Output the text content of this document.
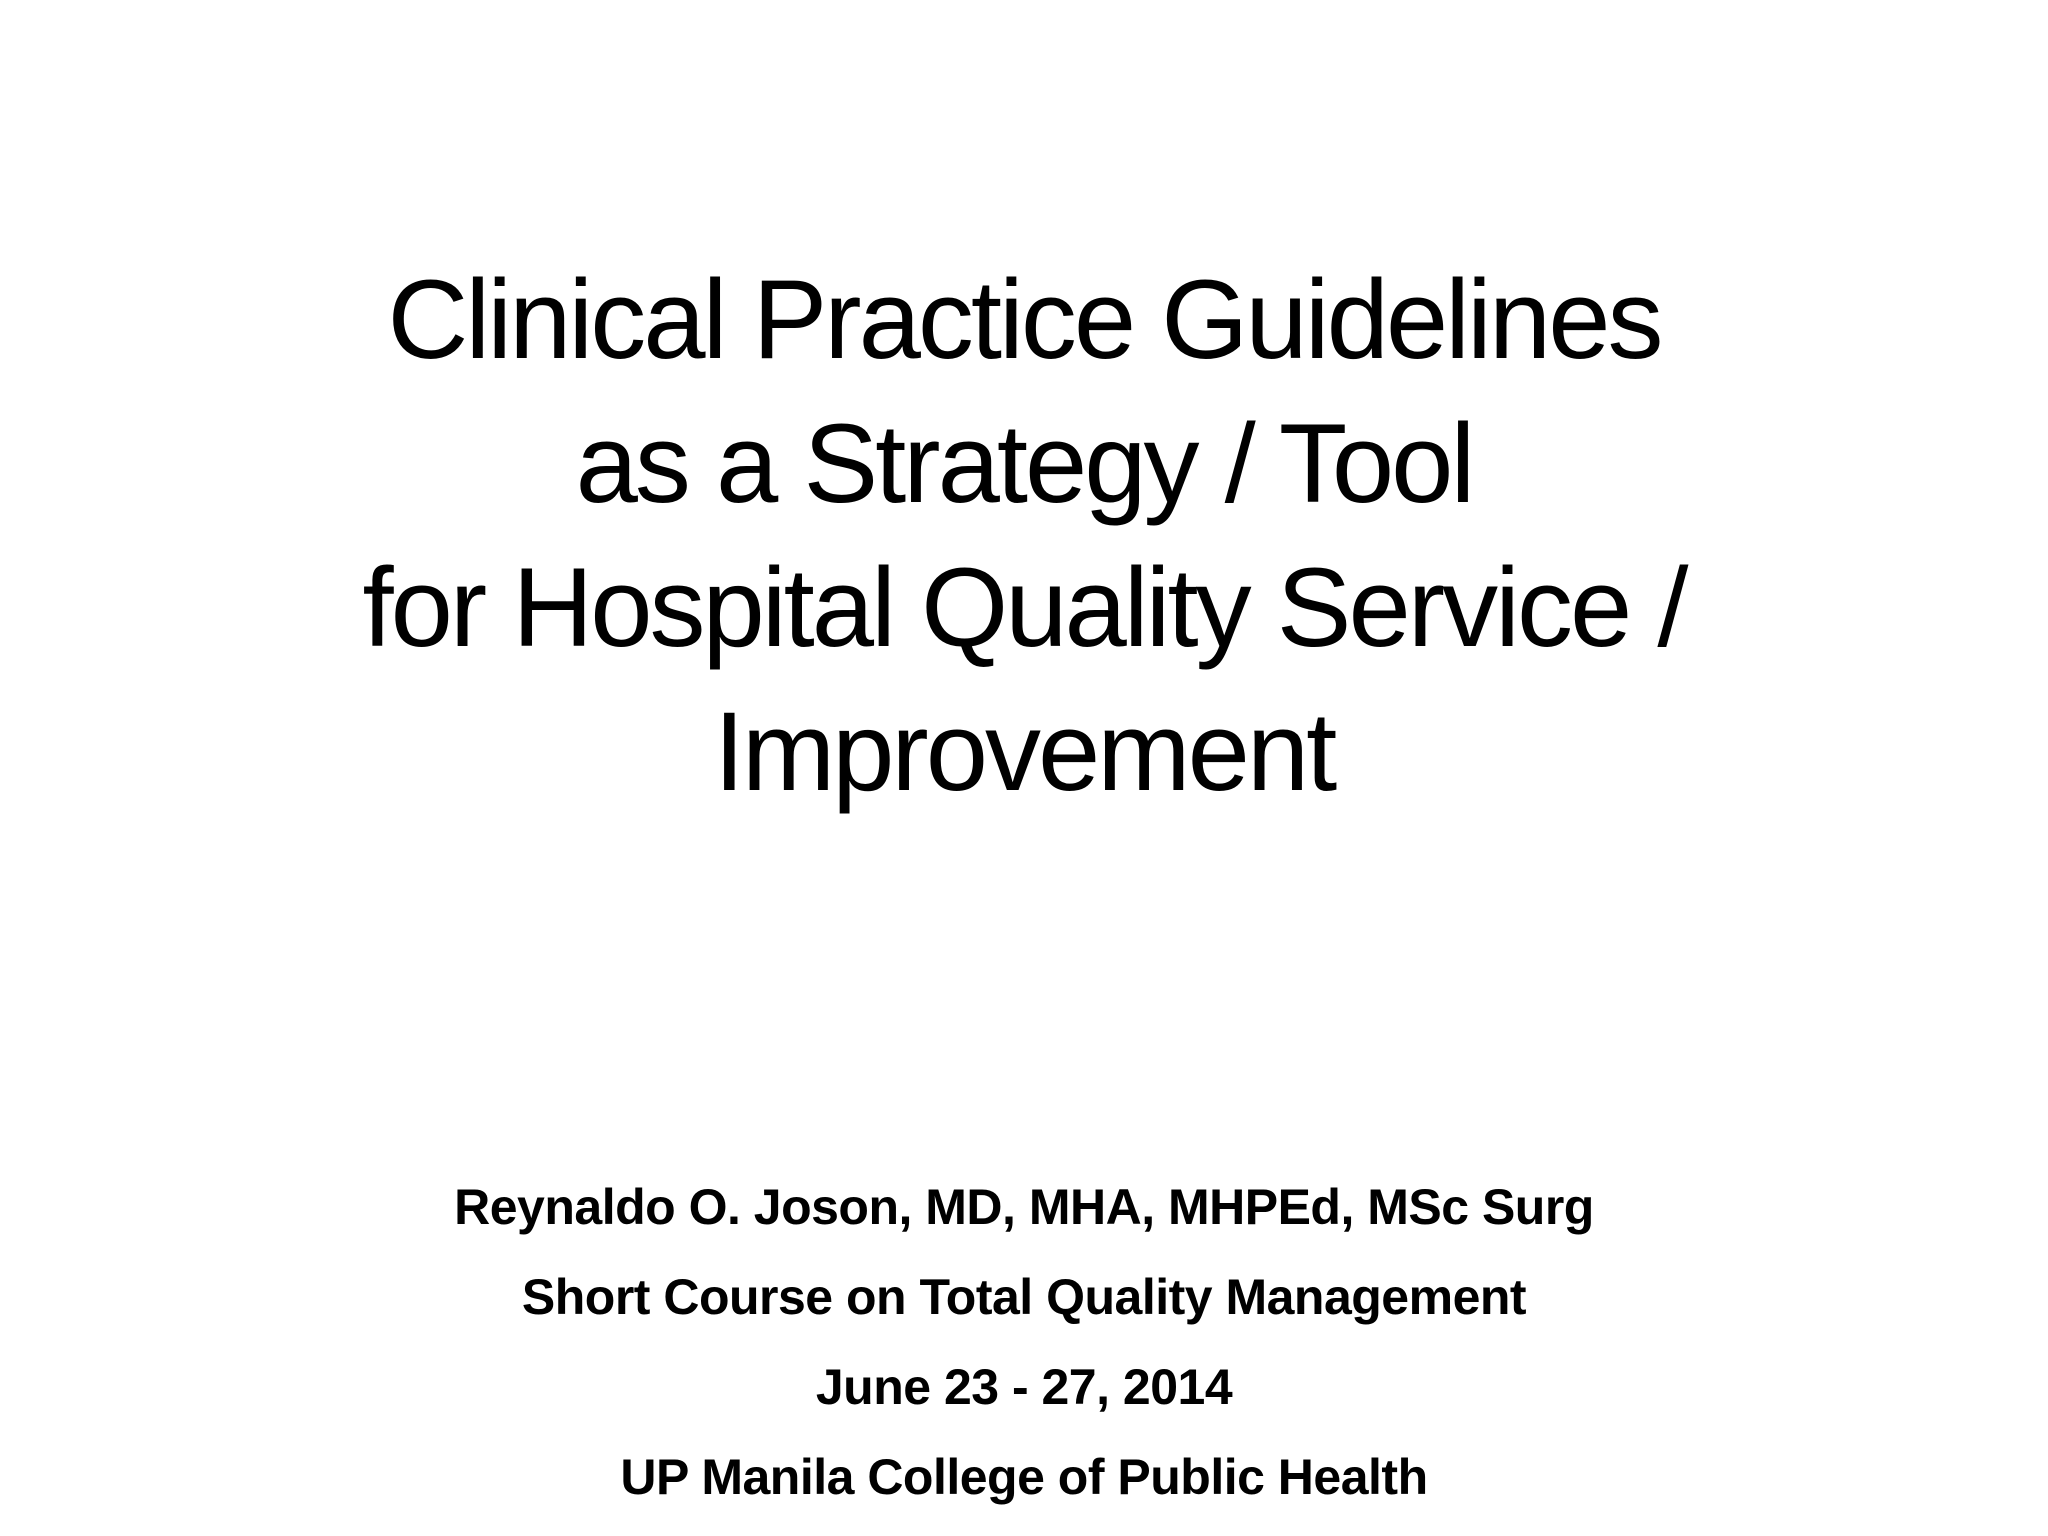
Clinical Practice Guidelines
as a Strategy / Tool
for Hospital Quality Service /
Improvement
Reynaldo O. Joson, MD, MHA, MHPEd, MSc Surg
Short Course on Total Quality Management
June 23 - 27, 2014
UP Manila College of Public Health
